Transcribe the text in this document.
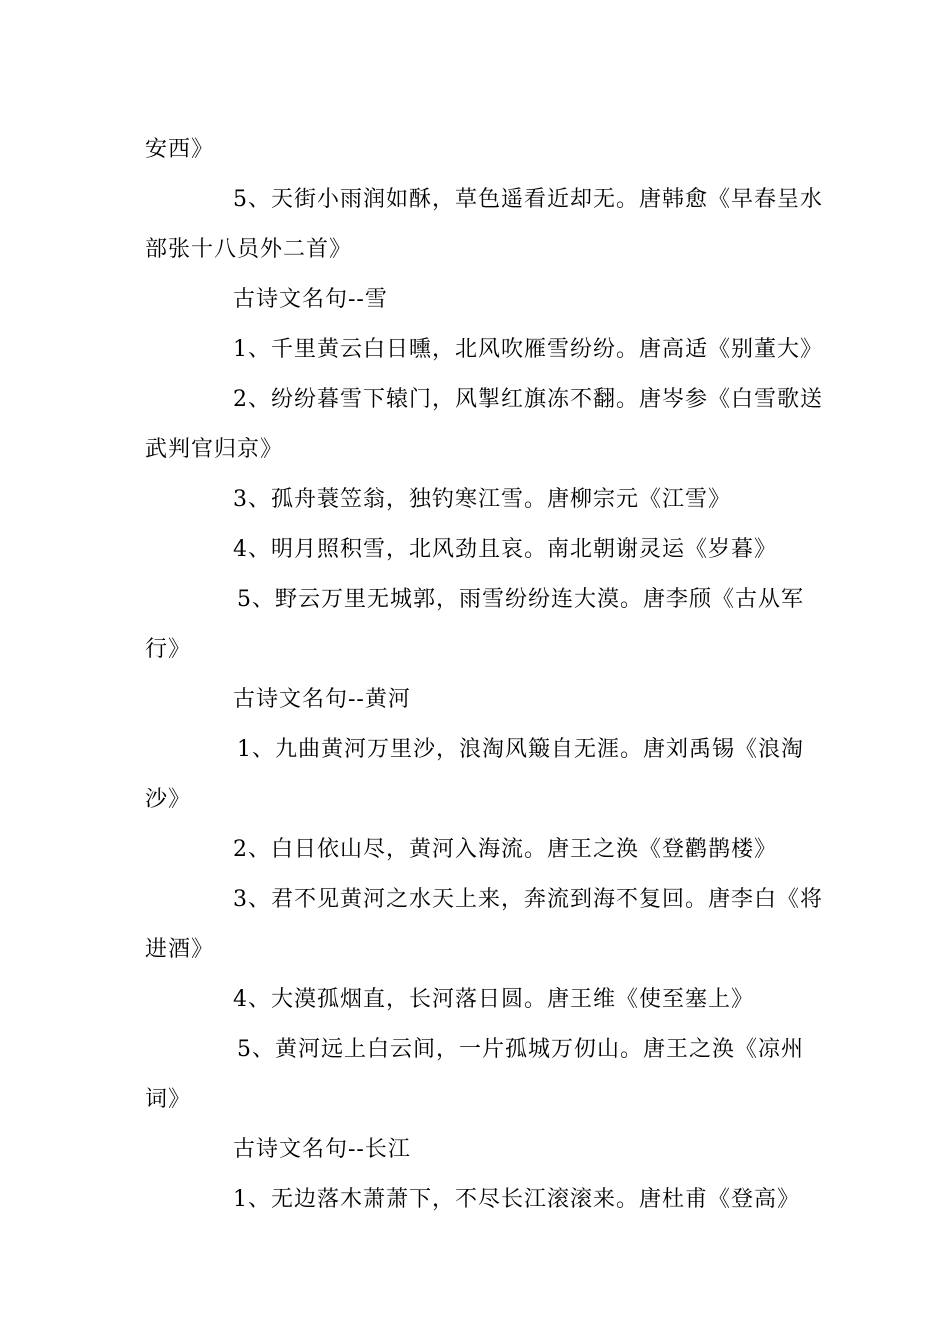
安西》
5、天街小雨润如酥，草色遥看近却无。唐韩愈《早春呈水
部张十八员外二首》
古诗文名句--雪
1、千里黄云白日曛，北风吹雁雪纷纷。唐高适《别董大》
2、纷纷暮雪下辕门，风掣红旗冻不翻。唐岑参《白雪歌送
武判官归京》
3、孤舟蓑笠翁，独钓寒江雪。唐柳宗元《江雪》
4、明月照积雪，北风劲且哀。南北朝谢灵运《岁暮》
5、野云万里无城郭，雨雪纷纷连大漠。唐李颀《古从军
行》
古诗文名句--黄河
1、九曲黄河万里沙，浪淘风簸自无涯。唐刘禹锡《浪淘
沙》
2、白日依山尽，黄河入海流。唐王之涣《登鹳鹊楼》
3、君不见黄河之水天上来，奔流到海不复回。唐李白《将
进酒》
4、大漠孤烟直，长河落日圆。唐王维《使至塞上》
5、黄河远上白云间，一片孤城万仞山。唐王之涣《凉州
词》
古诗文名句--长江
1、无边落木萧萧下，不尽长江滚滚来。唐杜甫《登高》
